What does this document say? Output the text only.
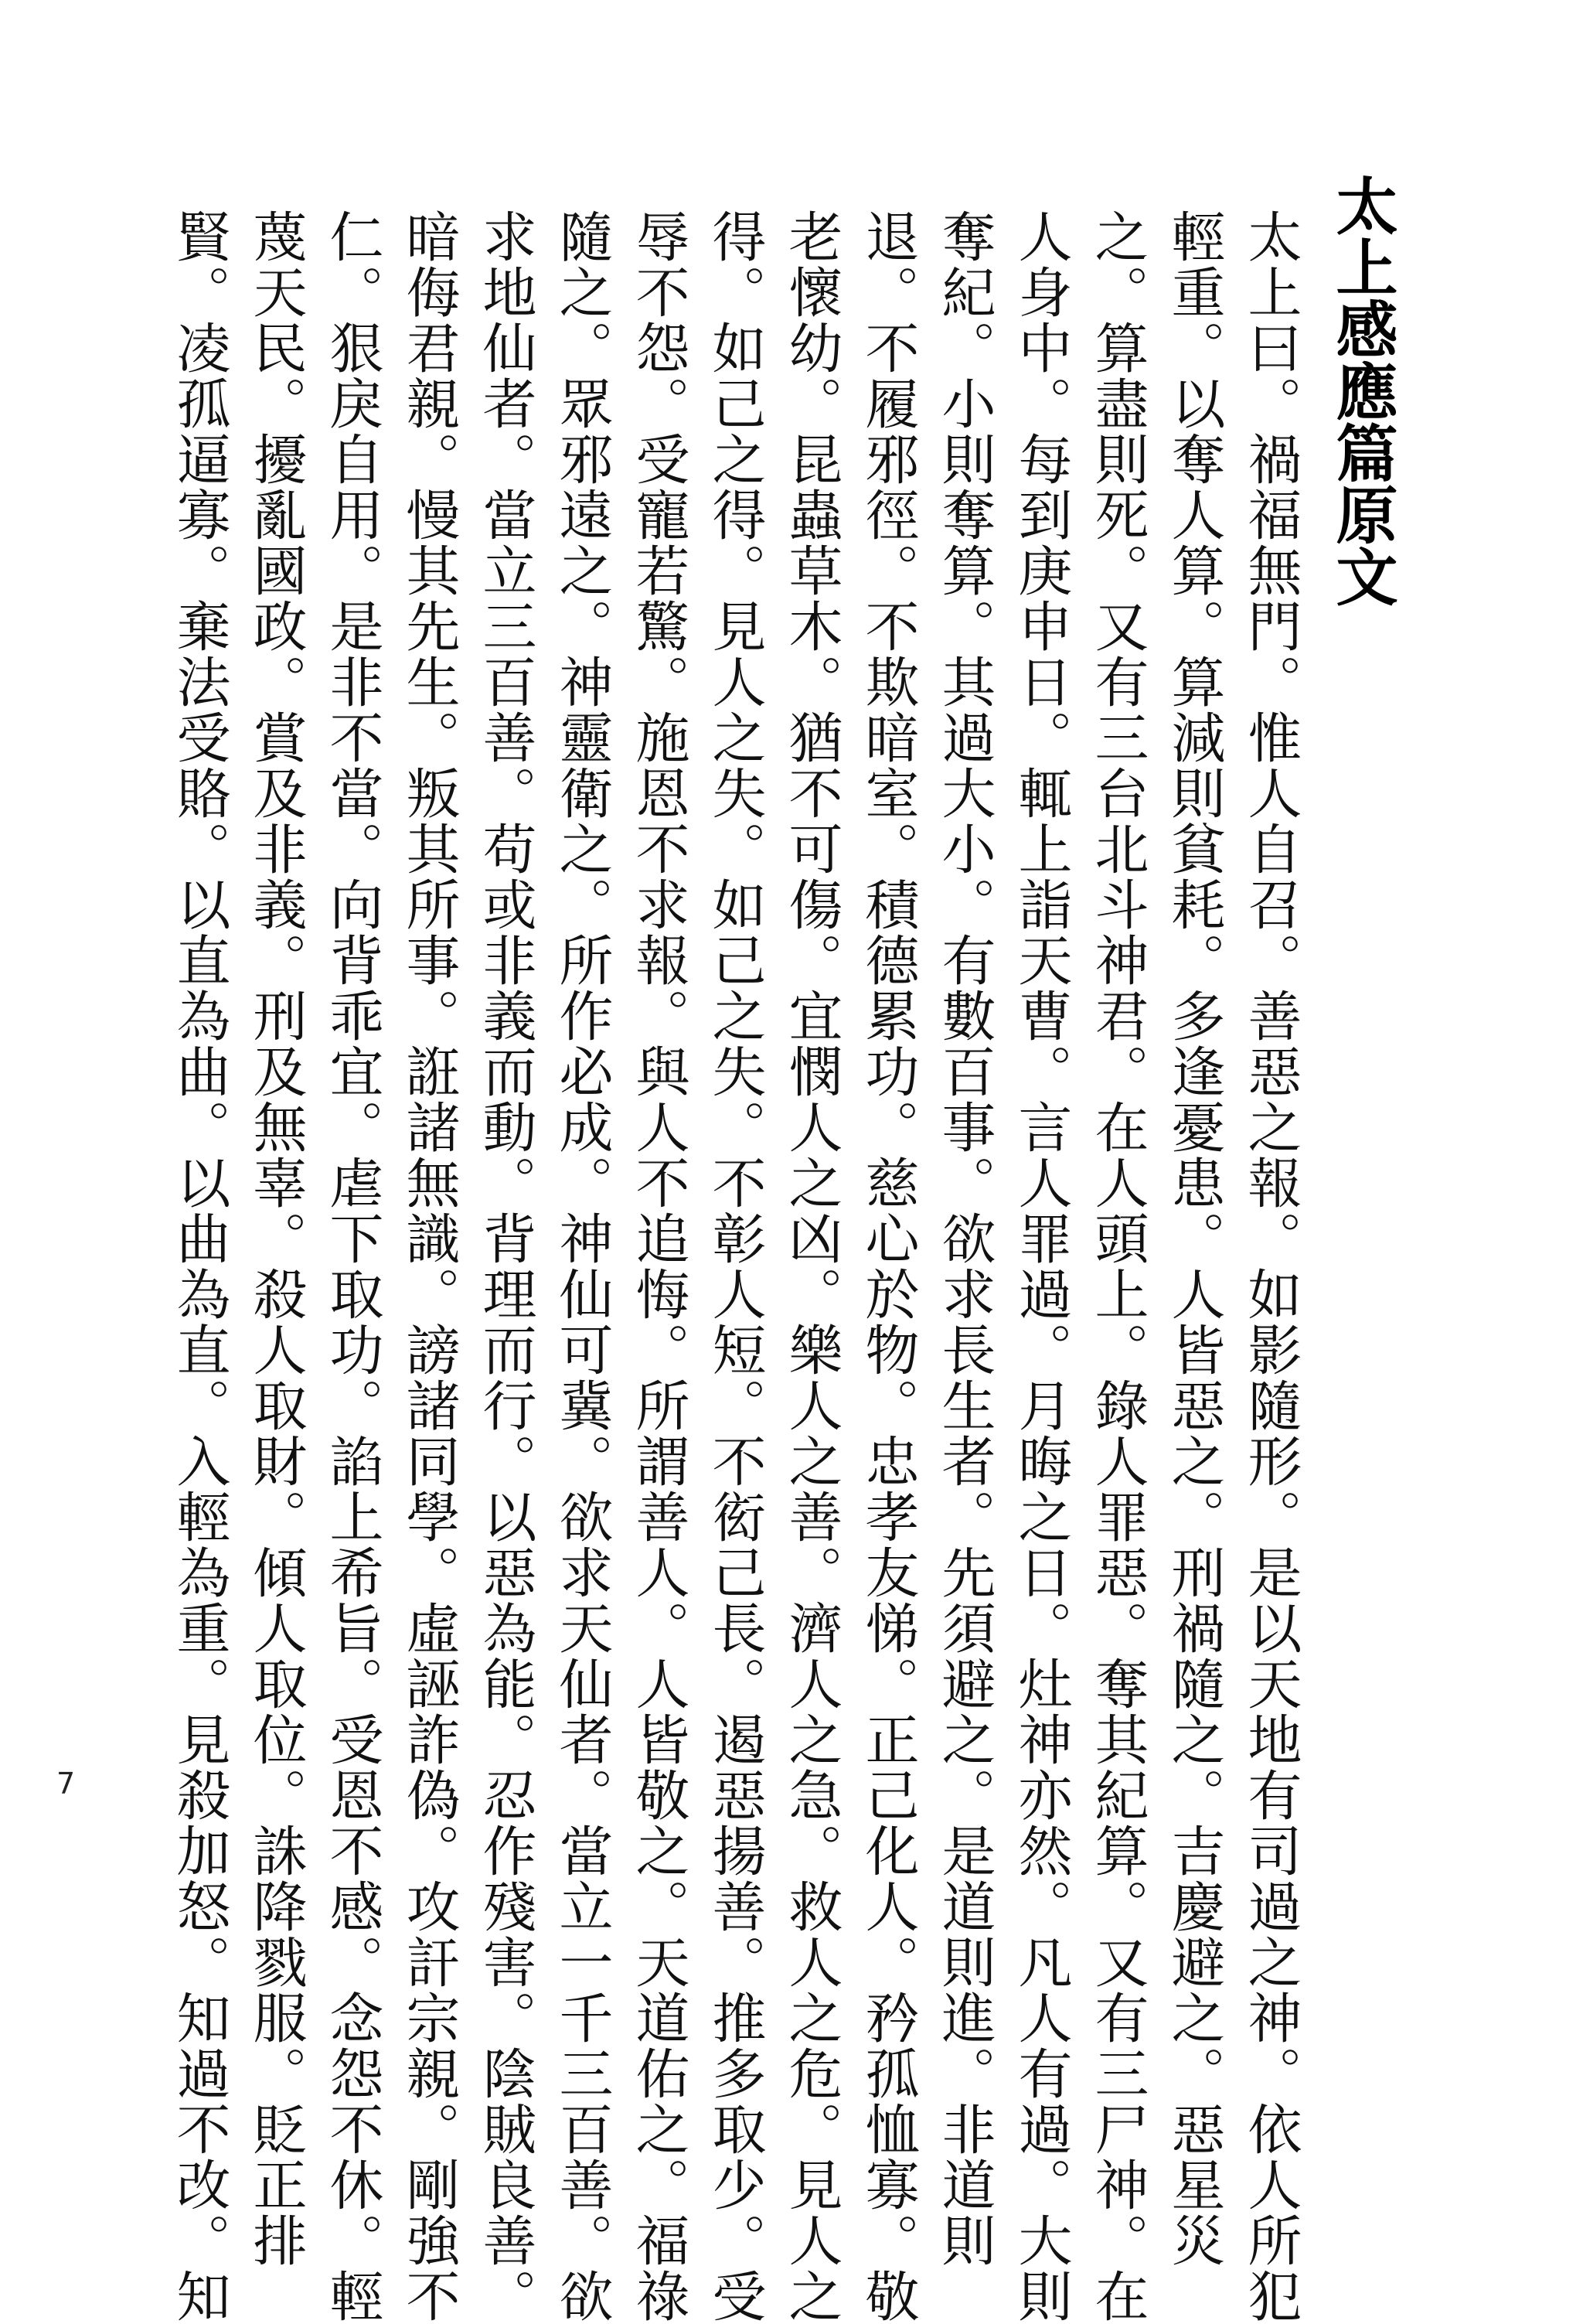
太上感應篇原文
太上曰。禍福無門。惟人自召。善惡之報。如影隨形。是以天地有司過之神。依人所犯
輕重。以奪人算。算減則貧耗。多逢憂患。人皆惡之。刑禍隨之。吉慶避之。惡星災
之。算盡則死。又有三台北斗神君。在人頭上。錄人罪惡。奪其紀算。又有三尸神。在
人身中。每到庚申日。輒上詣天曹。言人罪過。月晦之日。灶神亦然。凡人有過。大則
奪紀。小則奪算。其過大小。有數百事。欲求長生者。先須避之。是道則進。非道則
退。不履邪徑。不欺暗室。積德累功。慈心於物。忠孝友悌。正己化人。矜孤恤寡。敬
老懷幼。昆蟲草木。猶不可傷。宜憫人之凶。樂人之善。濟人之急。救人之危。見人之
得。如己之得。見人之失。如己之失。不彰人短。不衒己長。遏惡揚善。推多取少。受
辱不怨。受寵若驚。施恩不求報。與人不追悔。所謂善人。人皆敬之。天道佑之。福祿
隨之。眾邪遠之。神靈衛之。所作必成。神仙可冀。欲求天仙者。當立一千三百善。欲
求地仙者。當立三百善。苟或非義而動。背理而行。以惡為能。忍作殘害。陰賊良善。
暗侮君親。慢其先生。叛其所事。誑諸無識。謗諸同學。虛誣詐偽。攻訐宗親。剛強不
仁。狠戾自用。是非不當。向背乖宜。虐下取功。諂上希旨。受恩不感。念怨不休。輕
蔑天民。擾亂國政。賞及非義。刑及無辜。殺人取財。傾人取位。誅降戮服。貶正排
賢。凌孤逼寡。棄法受賂。以直為曲。以曲為直。入輕為重。見殺加怒。知過不改。知
7
